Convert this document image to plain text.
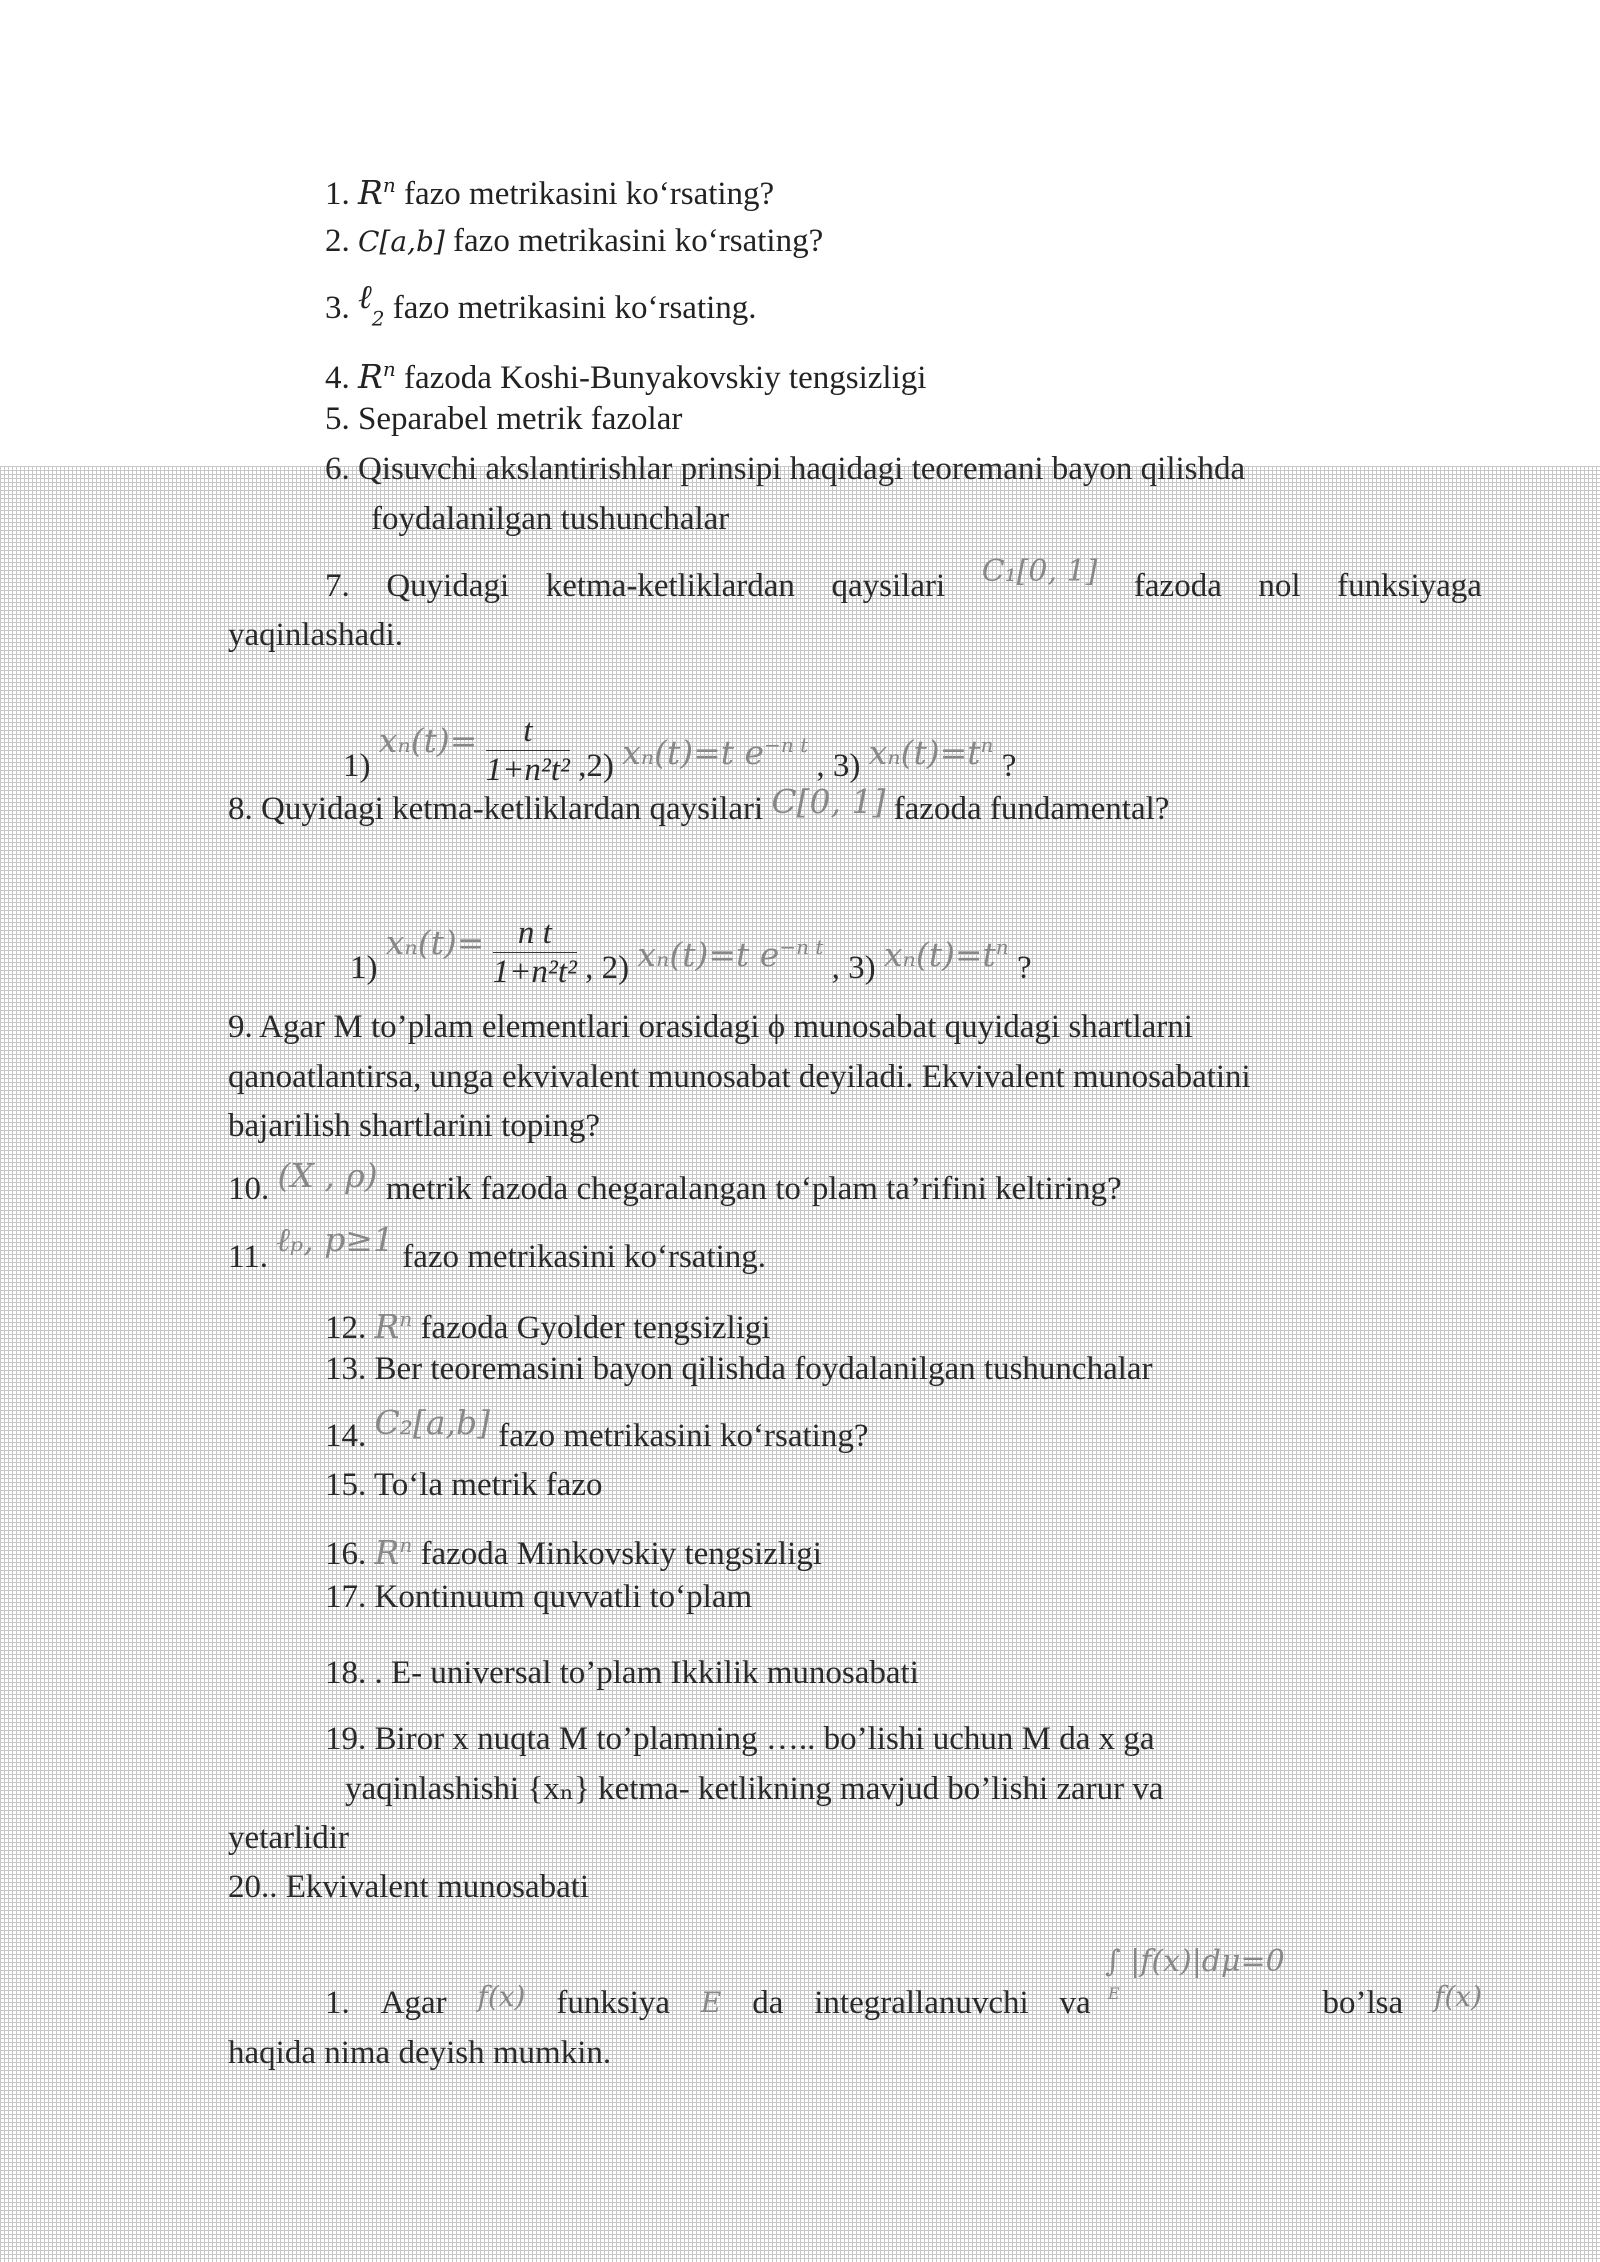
1. $R^n$ fazo metrikasini ko‘rsating?
2. C[a,b] fazo metrikasini ko‘rsating?
3. ℓ$_2$ fazo metrikasini ko‘rsating.
4. $R^n$ fazoda Koshi-Bunyakovskiy tengsizligi
5. Separabel metrik fazolar
6. Qisuvchi akslantirishlar prinsipi haqidagi teoremani bayon qilishda
foydalanilgan tushunchalar
7. Quyidagi ketma-ketliklardan qaysilari C₁[0, 1] fazoda nol funksiyaga
yaqinlashadi.
1) $x_n(t)= \frac{t}{\text{1+n²t²}} ,2$) xₙ(t)=t $e^{-n t}$ , 3) $x_n(t)=t^n$ ?
8. Quyidagi ketma-ketliklardan qaysilari C[0, 1] fazoda fundamental?
1) $x_n(t)= \frac{\text{n t}}{\text{1+n²t²}}$ , 2) xₙ(t)=t $e^{-n t}$ , 3) $x_n(t)=t^n$ ?
9. Agar M to’plam elementlari orasidagi ϕ munosabat quyidagi shartlarni
qanoatlantirsa, unga ekvivalent munosabat deyiladi. Ekvivalent munosabatini
bajarilish shartlarini toping?
10. (X , ρ) metrik fazoda chegaralangan to‘plam ta’rifini keltiring?
11. ℓₚ, p≥1 fazo metrikasini ko‘rsating.
12. $R^n$ fazoda Gyolder tengsizligi
13. Ber teoremasini bayon qilishda foydalanilgan tushunchalar
14. C₂[a,b] fazo metrikasini ko‘rsating?
15. To‘la metrik fazo
16. $R^n$ fazoda Minkovskiy tengsizligi
17. Kontinuum quvvatli to‘plam
18. . E- universal to’plam Ikkilik munosabati
19. Biror x nuqta M to’plamning ….. bo’lishi uchun M da x ga
yaqinlashishi {xₙ} ketma- ketlikning mavjud bo’lishi zarur va
yetarlidir
20.. Ekvivalent munosabati
∫ |f(x)|dμ=0
E
1. Agar f(x) funksiya E da integrallanuvchi va	bo’lsa f(x)
haqida nima deyish mumkin.
